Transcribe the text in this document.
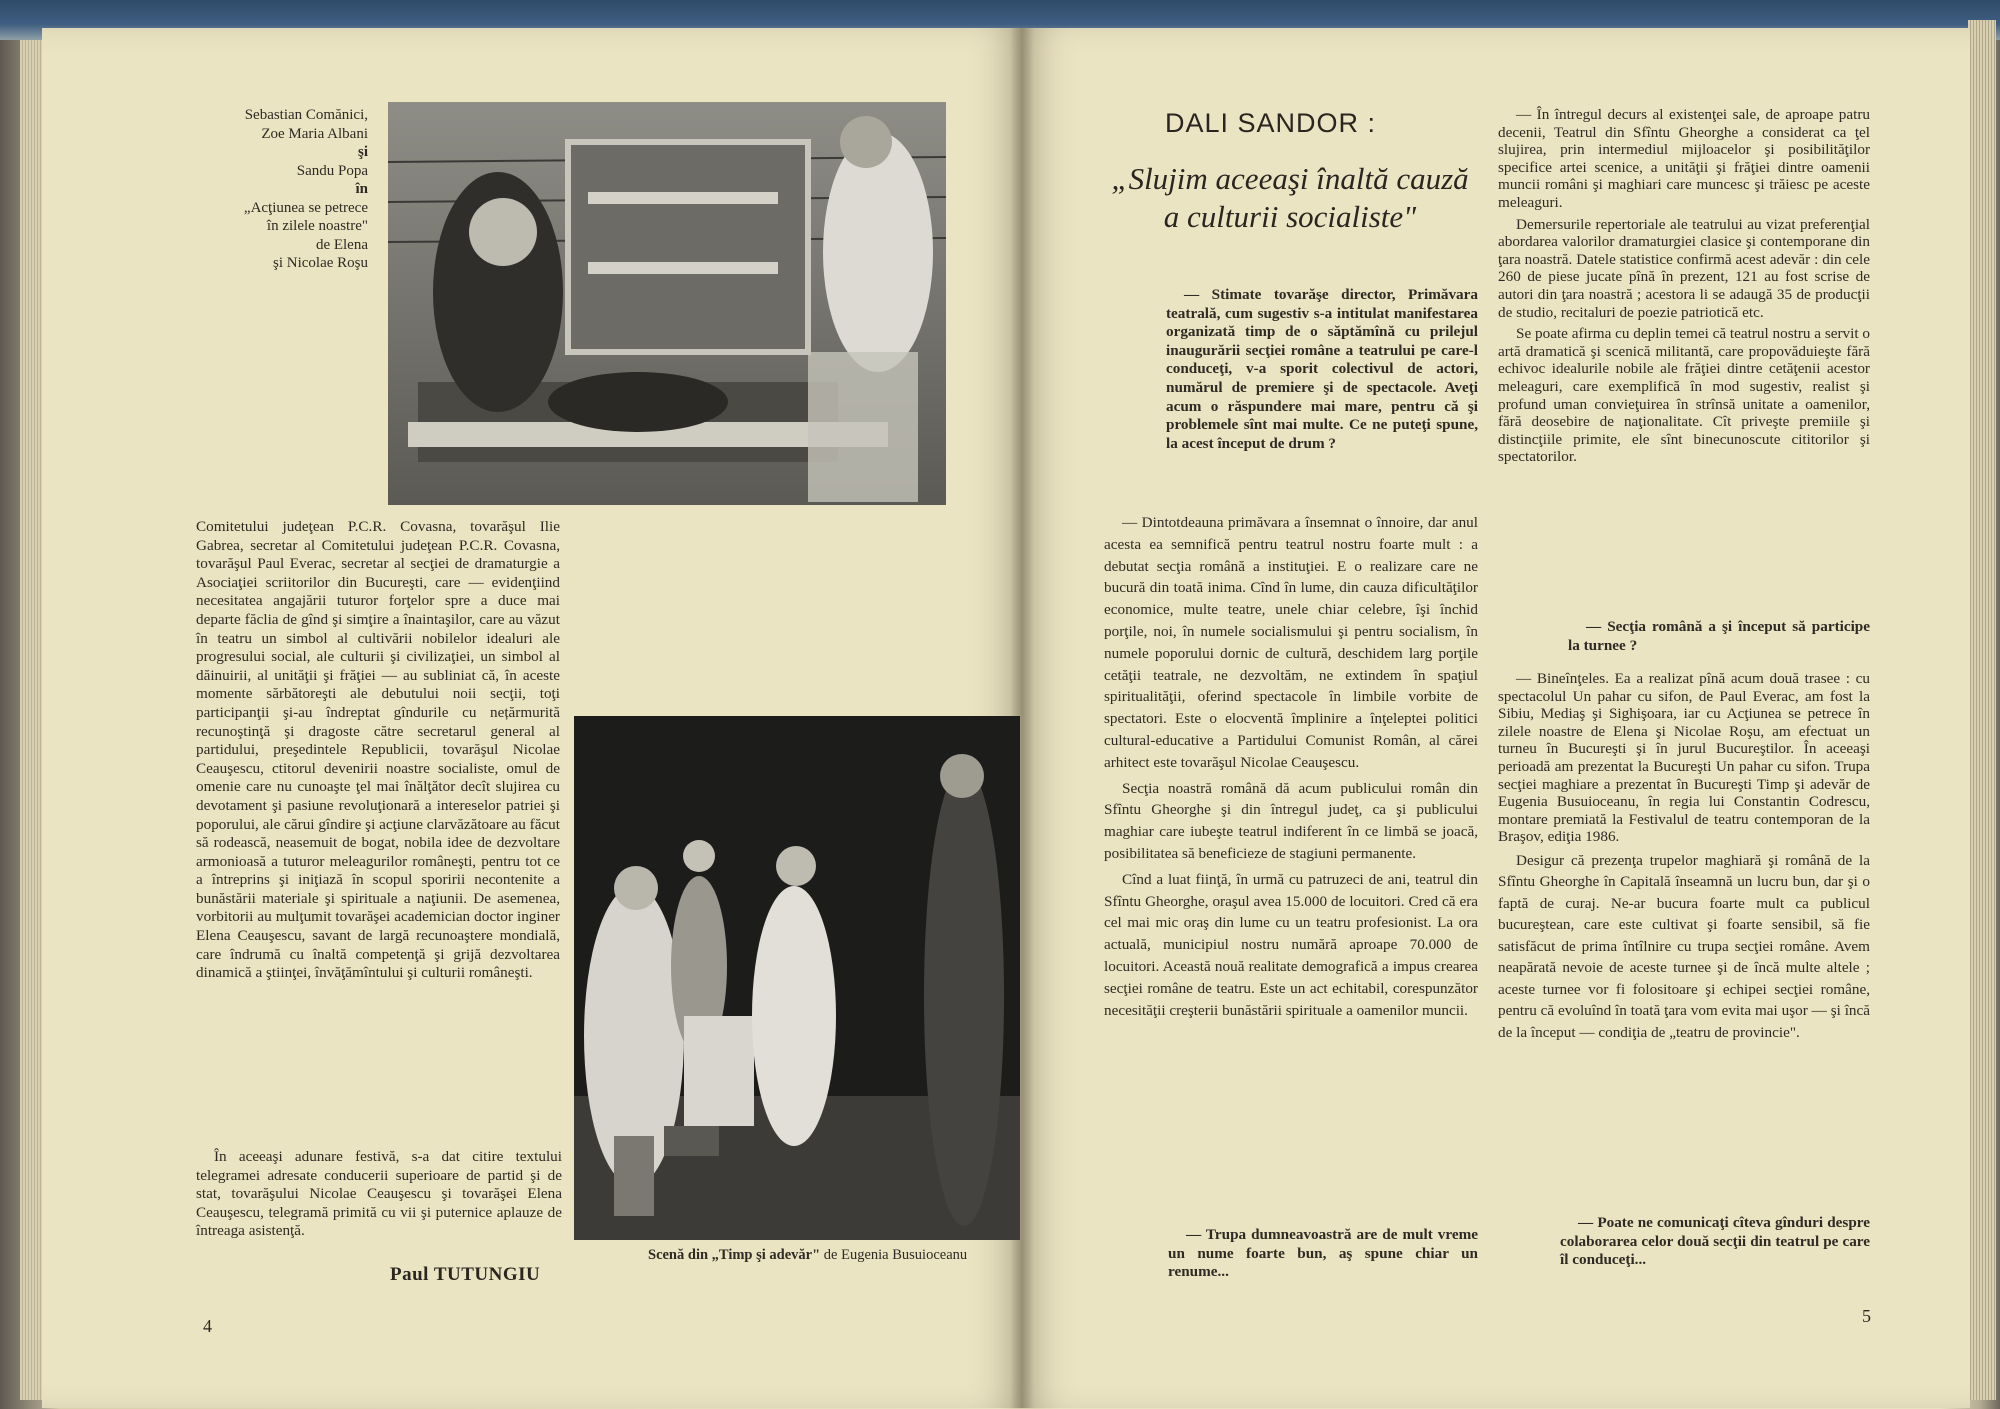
Sebastian Comănici,
Zoe Maria Albani
şi
Sandu Popa
în
„Acţiunea se petrece
în zilele noastre"
de Elena
şi Nicolae Roşu
Comitetului judeţean P.C.R. Covasna, tovarăşul Ilie Gabrea, secretar al Comitetului judeţean P.C.R. Covasna, tovarăşul Paul Everac, secretar al secţiei de dramaturgie a Asociaţiei scriitorilor din Bucureşti, care — evidenţiind necesitatea angajării tuturor forţelor spre a duce mai departe făclia de gînd şi simţire a înaintaşilor, care au văzut în teatru un simbol al cultivării nobilelor idealuri ale progresului social, ale culturii şi civilizaţiei, un simbol al dăinuirii, al unităţii şi frăţiei — au subliniat că, în aceste momente sărbătoreşti ale debutului noii secţii, toţi participanţii şi-au îndreptat gîndurile cu nețărmurită recunoştinţă şi dragoste către secretarul general al partidului, preşedintele Republicii, tovarăşul Nicolae Ceauşescu, ctitorul devenirii noastre socialiste, omul de omenie care nu cunoaşte ţel mai înălţător decît slujirea cu devotament şi pasiune revoluţionară a intereselor patriei şi poporului, ale cărui gîndire şi acţiune clarvăzătoare au făcut să rodească, neasemuit de bogat, nobila idee de dezvoltare armonioasă a tuturor meleagurilor româneşti, pentru tot ce a întreprins şi iniţiază în scopul sporirii necontenite a bunăstării materiale şi spirituale a naţiunii. De asemenea, vorbitorii au mulţumit tovarăşei academician doctor inginer Elena Ceauşescu, savant de largă recunoaştere mondială, care îndrumă cu înaltă competenţă şi grijă dezvoltarea dinamică a ştiinţei, învăţămîntului şi culturii româneşti.

În aceeaşi adunare festivă, s-a dat citire textului telegramei adresate conducerii superioare de partid şi de stat, tovarăşului Nicolae Ceauşescu şi tovarăşei Elena Ceauşescu, telegramă primită cu vii şi puternice aplauze de întreaga asistenţă.

Paul TUTUNGIU
Scenă din „Timp şi adevăr" de Eugenia Busuioceanu
4
DALI SANDOR :
„Slujim aceeaşi înaltă cauză a culturii socialiste"

— Stimate tovarăşe director, Primăvara teatrală, cum sugestiv s-a intitulat manifestarea organizată timp de o săptămînă cu prilejul inaugurării secţiei române a teatrului pe care-l conduceţi, v-a sporit colectivul de actori, numărul de premiere şi de spectacole. Aveţi acum o răspundere mai mare, pentru că şi problemele sînt mai multe. Ce ne puteţi spune, la acest început de drum ?

— Dintotdeauna primăvara a însemnat o înnoire, dar anul acesta ea semnifică pentru teatrul nostru foarte mult : a debutat secţia română a instituţiei. E o realizare care ne bucură din toată inima. Cînd în lume, din cauza dificultăţilor economice, multe teatre, unele chiar celebre, îşi închid porţile, noi, în numele socialismului şi pentru socialism, în numele poporului dornic de cultură, deschidem larg porţile cetăţii teatrale, ne dezvoltăm, ne extindem în spaţiul spiritualităţii, oferind spectacole în limbile vorbite de spectatori. Este o elocventă împlinire a înţeleptei politici cultural-educative a Partidului Comunist Român, al cărei arhitect este tovarăşul Nicolae Ceauşescu.

Secţia noastră română dă acum publicului român din Sfîntu Gheorghe şi din întregul judeţ, ca şi publicului maghiar care iubeşte teatrul indiferent în ce limbă se joacă, posibilitatea să beneficieze de stagiuni permanente.

Cînd a luat fiinţă, în urmă cu patruzeci de ani, teatrul din Sfîntu Gheorghe, oraşul avea 15.000 de locuitori. Cred că era cel mai mic oraş din lume cu un teatru profesionist. La ora actuală, municipiul nostru numără aproape 70.000 de locuitori. Această nouă realitate demografică a impus crearea secţiei române de teatru. Este un act echitabil, corespunzător necesităţii creşterii bunăstării spirituale a oamenilor muncii.

— Trupa dumneavoastră are de mult vreme un nume foarte bun, aş spune chiar un renume...

— În întregul decurs al existenţei sale, de aproape patru decenii, Teatrul din Sfîntu Gheorghe a considerat ca ţel slujirea, prin intermediul mijloacelor şi posibilităţilor specifice artei scenice, a unităţii şi frăţiei dintre oamenii muncii români şi maghiari care muncesc şi trăiesc pe aceste meleaguri.

Demersurile repertoriale ale teatrului au vizat preferenţial abordarea valorilor dramaturgiei clasice şi contemporane din ţara noastră. Datele statistice confirmă acest adevăr : din cele 260 de piese jucate pînă în prezent, 121 au fost scrise de autori din ţara noastră ; acestora li se adaugă 35 de producţii de studio, recitaluri de poezie patriotică etc.

Se poate afirma cu deplin temei că teatrul nostru a servit o artă dramatică şi scenică militantă, care propovăduieşte fără echivoc idealurile nobile ale frăţiei dintre cetăţenii acestor meleaguri, care exemplifică în mod sugestiv, realist şi profund uman convieţuirea în strînsă unitate a oamenilor, fără deosebire de naţionalitate. Cît priveşte premiile şi distincţiile primite, ele sînt binecunoscute cititorilor şi spectatorilor.

— Secţia română a şi început să participe la turnee ?

— Bineînţeles. Ea a realizat pînă acum două trasee : cu spectacolul Un pahar cu sifon, de Paul Everac, am fost la Sibiu, Mediaş şi Sighişoara, iar cu Acţiunea se petrece în zilele noastre de Elena şi Nicolae Roşu, am efectuat un turneu în Bucureşti şi în jurul Bucureştilor. În aceeaşi perioadă am prezentat la Bucureşti Un pahar cu sifon. Trupa secţiei maghiare a prezentat în Bucureşti Timp şi adevăr de Eugenia Busuioceanu, în regia lui Constantin Codrescu, montare premiată la Festivalul de teatru contemporan de la Braşov, ediţia 1986.

Desigur că prezenţa trupelor maghiară şi română de la Sfîntu Gheorghe în Capitală înseamnă un lucru bun, dar şi o faptă de curaj. Ne-ar bucura foarte mult ca publicul bucureştean, care este cultivat şi foarte sensibil, să fie satisfăcut de prima întîlnire cu trupa secţiei române. Avem neapărată nevoie de aceste turnee şi de încă multe altele ; aceste turnee vor fi folositoare şi echipei secţiei române, pentru că evoluînd în toată ţara vom evita mai uşor — şi încă de la început — condiţia de „teatru de provincie".

— Poate ne comunicaţi cîteva gînduri despre colaborarea celor două secţii din teatrul pe care îl conduceţi...

5
